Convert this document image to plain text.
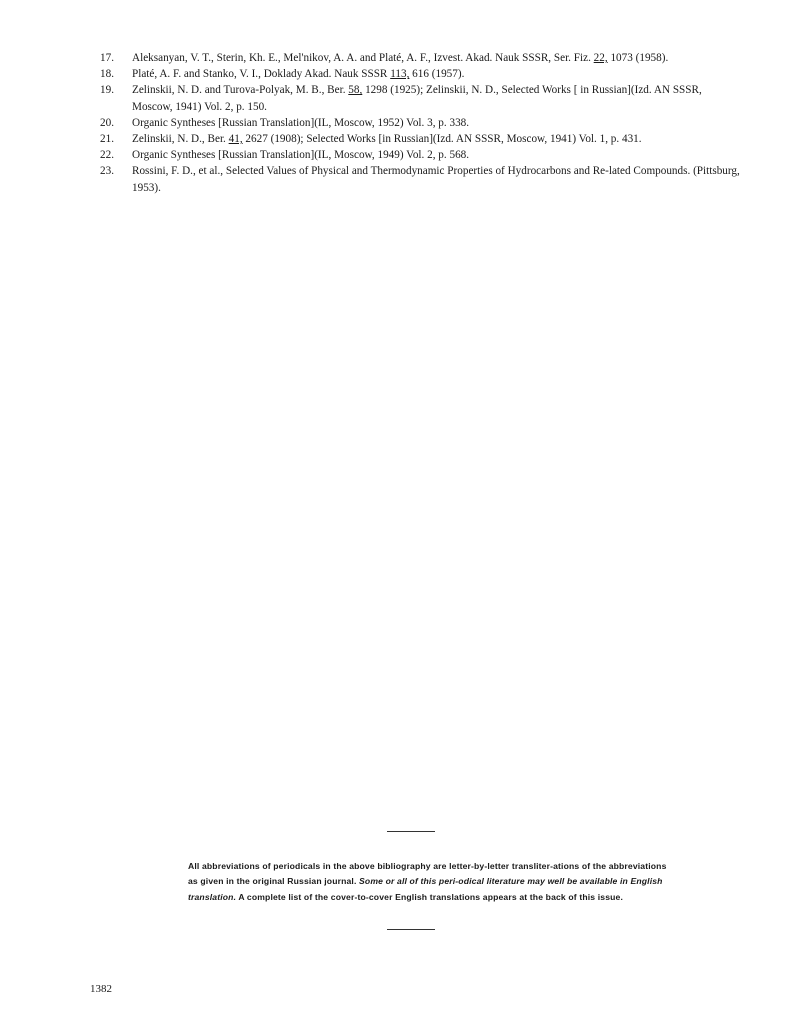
17.	Aleksanyan, V. T., Sterin, Kh. E., Mel'nikov, A. A. and Platé, A. F., Izvest. Akad. Nauk SSSR, Ser. Fiz. 22, 1073 (1958).
18.	Platé, A. F. and Stanko, V. I., Doklady Akad. Nauk SSSR 113, 616 (1957).
19.	Zelinskii, N. D. and Turova-Polyak, M. B., Ber. 58, 1298 (1925); Zelinskii, N. D., Selected Works [ in Russian](Izd. AN SSSR, Moscow, 1941) Vol. 2, p. 150.
20.	Organic Syntheses [Russian Translation](IL, Moscow, 1952) Vol. 3, p. 338.
21.	Zelinskii, N. D., Ber. 41, 2627 (1908); Selected Works [in Russian](Izd. AN SSSR, Moscow, 1941) Vol. 1, p. 431.
22.	Organic Syntheses [Russian Translation](IL, Moscow, 1949) Vol. 2, p. 568.
23.	Rossini, F. D., et al., Selected Values of Physical and Thermodynamic Properties of Hydrocarbons and Re-lated Compounds. (Pittsburg, 1953).

All abbreviations of periodicals in the above bibliography are letter-by-letter transliter-ations of the abbreviations as given in the original Russian journal. Some or all of this peri-odical literature may well be available in English translation. A complete list of the cover-to-cover English translations appears at the back of this issue.

1382
